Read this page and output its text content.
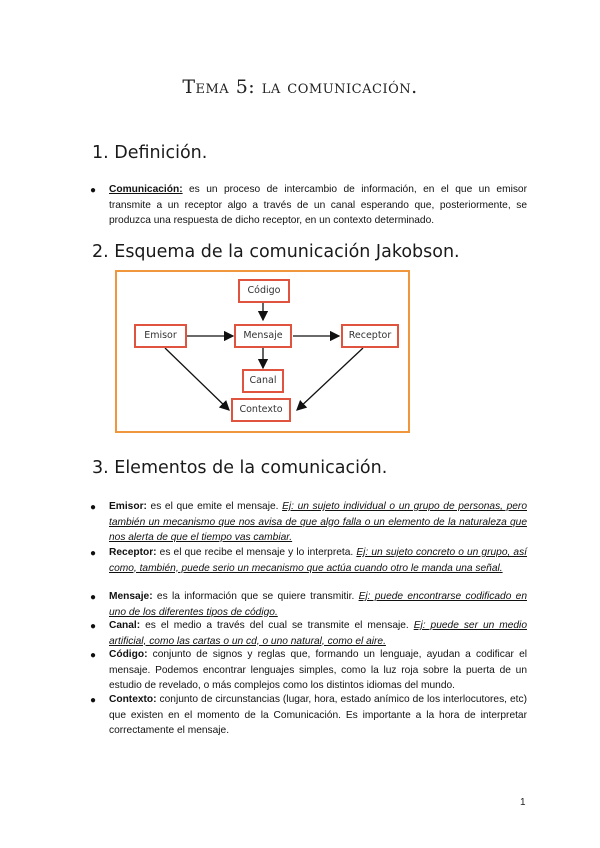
Tema 5: la comunicación.
1. Definición.
● Comunicación: es un proceso de intercambio de información, en el que un emisor transmite a un receptor algo a través de un canal esperando que, posteriormente, se produzca una respuesta de dicho receptor, en un contexto determinado.
2. Esquema de la comunicación Jakobson.
Código
Emisor	Mensaje	Receptor
Canal
Contexto
3. Elementos de la comunicación.
● Emisor: es el que emite el mensaje. Ej: un sujeto individual o un grupo de personas, pero también un mecanismo que nos avisa de que algo falla o un elemento de la naturaleza que nos alerta de que el tiempo vas cambiar.
● Receptor: es el que recibe el mensaje y lo interpreta. Ej: un sujeto concreto o un grupo, así como, también, puede serio un mecanismo que actúa cuando otro le manda una señal.
● Mensaje: es la información que se quiere transmitir. Ej: puede encontrarse codificado en uno de los diferentes tipos de código.
● Canal: es el medio a través del cual se transmite el mensaje. Ej: puede ser un medio artificial, como las cartas o un cd, o uno natural, como el aire.
● Código: conjunto de signos y reglas que, formando un lenguaje, ayudan a codificar el mensaje. Podemos encontrar lenguajes simples, como la luz roja sobre la puerta de un estudio de revelado, o más complejos como los distintos idiomas del mundo.
● Contexto: conjunto de circunstancias (lugar, hora, estado anímico de los interlocutores, etc) que existen en el momento de la Comunicación. Es importante a la hora de interpretar correctamente el mensaje.
1
